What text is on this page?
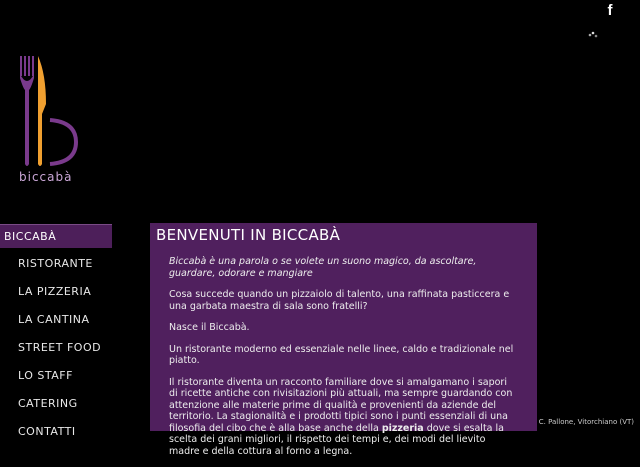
f
biccabà
BICCABÀ
RISTORANTE
LA PIZZERIA
LA CANTINA
STREET FOOD
LO STAFF
CATERING
CONTATTI
BENVENUTI IN BICCABÀ

Biccabà è una parola o se volete un suono magico, da ascoltare, guardare, odorare e mangiare

Cosa succede quando un pizzaiolo di talento, una raffinata pasticcera e una garbata maestra di sala sono fratelli?

Nasce il Biccabà.

Un ristorante moderno ed essenziale nelle linee, caldo e tradizionale nel piatto.

Il ristorante diventa un racconto familiare dove si amalgamano i sapori di ricette antiche con rivisitazioni più attuali, ma sempre guardando con attenzione alle materie prime di qualità e provenienti da aziende del territorio. La stagionalità e i prodotti tipici sono i punti essenziali di una filosofia del cibo che è alla base anche della pizzeria dove si esalta la scelta dei grani migliori, il rispetto dei tempi e, dei modi del lievito madre e della cottura al forno a legna.

C. Pallone, Vitorchiano (VT)
